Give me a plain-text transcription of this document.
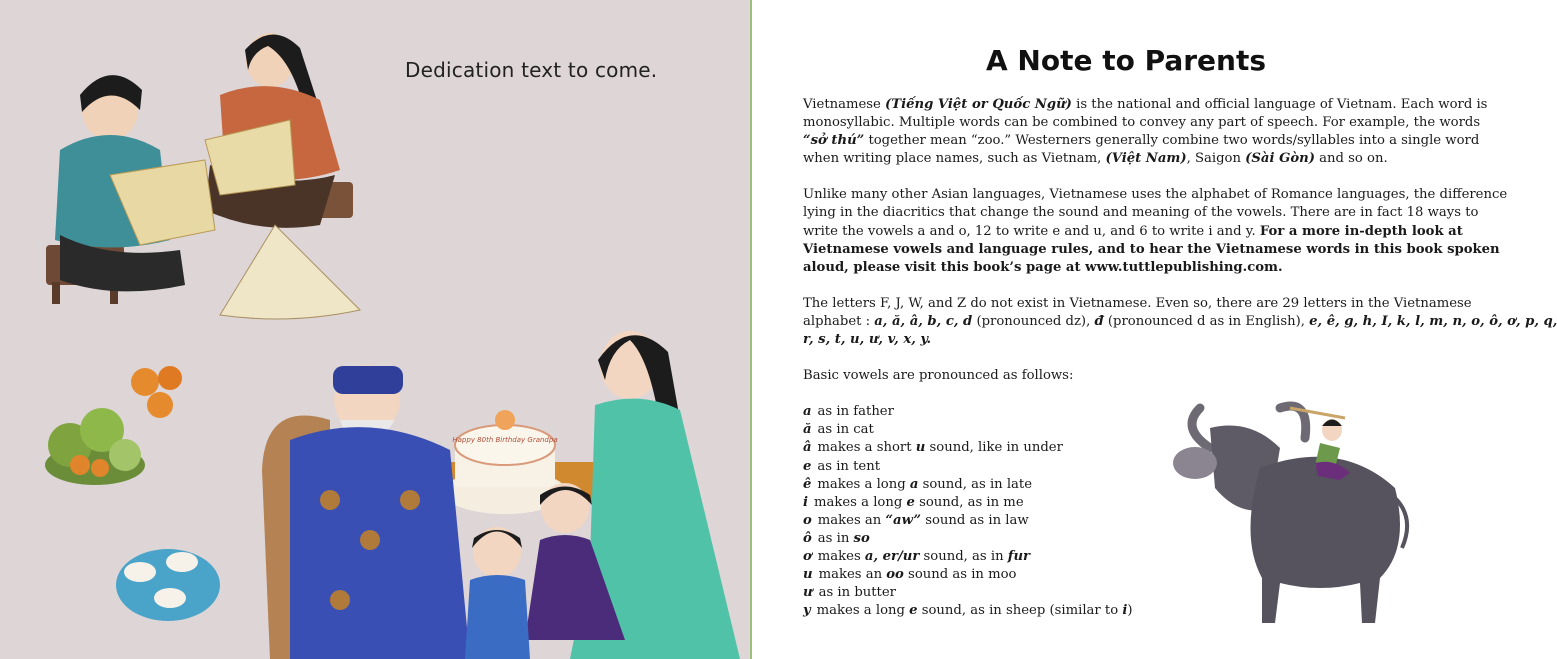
Happy 80th Birthday Grandpa
Dedication text to come.	A Note to Parents

Vietnamese (Tiếng Việt or Quốc Ngữ) is the national and official language of Vietnam. Each word is
monosyllabic. Multiple words can be combined to convey any part of speech. For example, the words
“sở thú” together mean “zoo.” Westerners generally combine two words/syllables into a single word
when writing place names, such as Vietnam, (Việt Nam), Saigon (Sài Gòn) and so on.

Unlike many other Asian languages, Vietnamese uses the alphabet of Romance languages, the difference
lying in the diacritics that change the sound and meaning of the vowels. There are in fact 18 ways to
write the vowels a and o, 12 to write e and u, and 6 to write i and y. For a more in-depth look at
Vietnamese vowels and language rules, and to hear the Vietnamese words in this book spoken
aloud, please visit this book’s page at www.tuttlepublishing.com.

The letters F, J, W, and Z do not exist in Vietnamese. Even so, there are 29 letters in the Vietnamese
alphabet : a, ă, â, b, c, d (pronounced dz), đ (pronounced d as in English), e, ê, g, h, I, k, l, m, n, o, ô, ơ, p, q,
r, s, t, u, ư, v, x, y.

Basic vowels are pronounced as follows:

a as in father
ă as in cat
â makes a short u sound, like in under
e as in tent
ê makes a long a sound, as in late
i makes a long e sound, as in me
o makes an “aw” sound as in law
ô as in so
ơ makes a, er/ur sound, as in fur
u makes an oo sound as in moo
ư as in butter
y makes a long e sound, as in sheep (similar to i)
